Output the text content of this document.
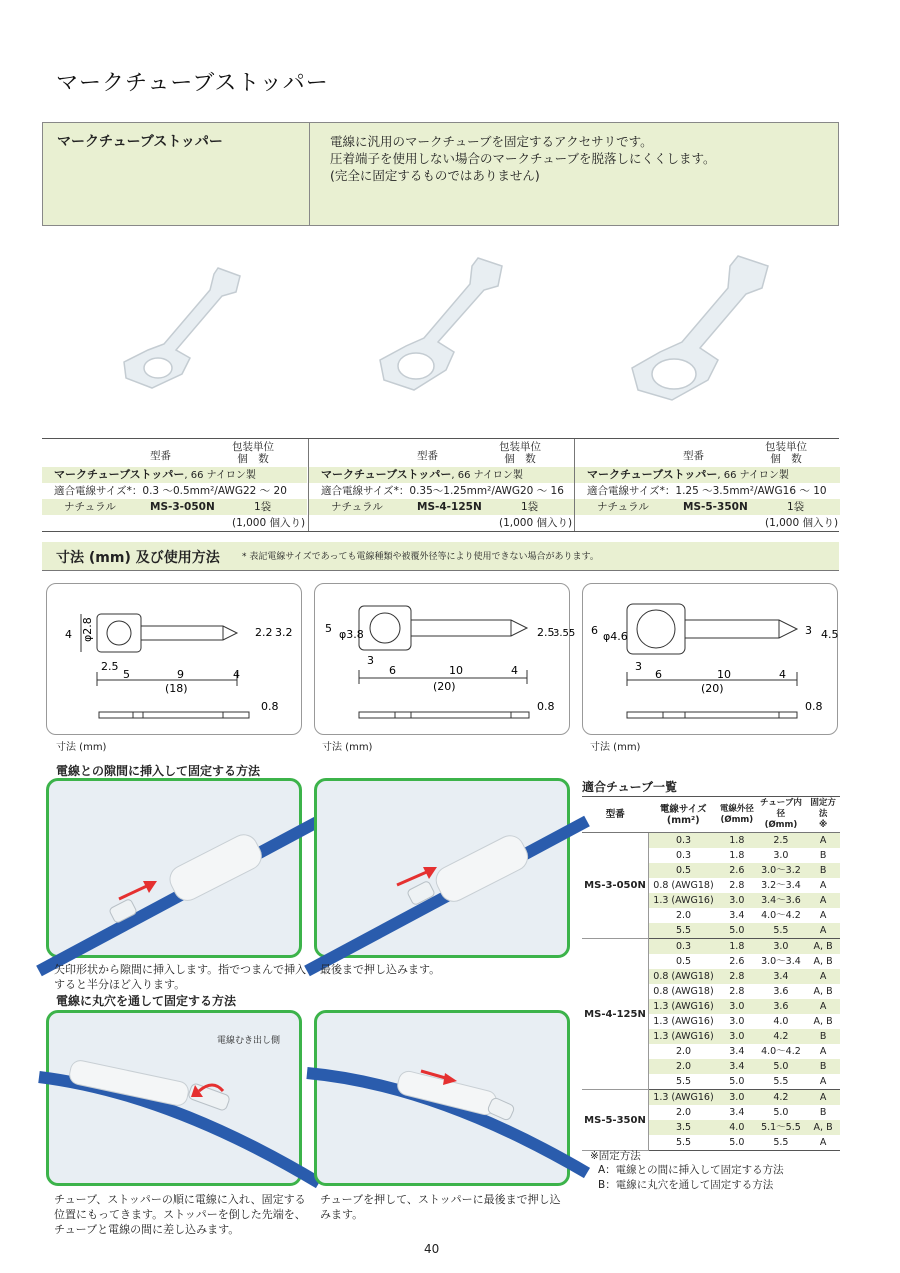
マークチューブストッパー
マークチューブストッパー	電線に汎用のマークチューブを固定するアクセサリです。
圧着端子を使用しない場合のマークチューブを脱落しにくくします。
(完全に固定するものではありません)
型番
包装単位
個　数
マークチューブストッパー, 66 ナイロン製
適合電線サイズ*：0.3 〜0.5mm²/AWG22 〜 20
ナチュラル	MS-3-050N	1袋
(1,000 個入り)
型番
包装単位
個　数
マークチューブストッパー, 66 ナイロン製
適合電線サイズ*：0.35〜1.25mm²/AWG20 〜 16
ナチュラル	MS-4-125N	1袋
(1,000 個入り)
型番
包装単位
個　数
マークチューブストッパー, 66 ナイロン製
適合電線サイズ*：1.25 〜3.5mm²/AWG16 〜 10
ナチュラル	MS-5-350N	1袋
(1,000 個入り)
寸法 (mm) 及び使用方法 * 表記電線サイズであっても電線種類や被覆外径等により使用できない場合があります。
4 φ2.8	2.2 3.2
2.5
5	9	4
(18)
0.8
5 φ3.8	2.5
3.55
3
6	10	4
(20)
0.8
6 φ4.6	3 4.5
3
6	10	4
(20)
0.8
寸法 (mm)	寸法 (mm)	寸法 (mm)
電線との隙間に挿入して固定する方法
矢印形状から隙間に挿入します。指でつまんで挿入
すると半分ほど入ります。
最後まで押し込みます。
電線に丸穴を通して固定する方法
電線むき出し側
チューブ、ストッパーの順に電線に入れ、固定する
位置にもってきます。ストッパーを倒した先端を、
チューブと電線の間に差し込みます。
チューブを押して、ストッパーに最後まで押し込
みます。
適合チューブ一覧
型番	電線サイズ
(mm²)	電線外径
(Ømm)	チューブ内径
(Ømm)	固定方法
※
MS-3-050N	0.3	1.8	2.5	A
	0.3	1.8	3.0	B
	0.5	2.6	3.0〜3.2	B
	0.8 (AWG18)	2.8	3.2〜3.4	A
	1.3 (AWG16)	3.0	3.4〜3.6	A
	2.0	3.4	4.0〜4.2	A
	5.5	5.0	5.5	A
MS-4-125N	0.3	1.8	3.0	A, B
	0.5	2.6	3.0〜3.4	A, B
	0.8 (AWG18)	2.8	3.4	A
	0.8 (AWG18)	2.8	3.6	A, B
	1.3 (AWG16)	3.0	3.6	A
	1.3 (AWG16)	3.0	4.0	A, B
	1.3 (AWG16)	3.0	4.2	B
	2.0	3.4	4.0〜4.2	A
	2.0	3.4	5.0	B
	5.5	5.0	5.5	A
MS-5-350N	1.3 (AWG16)	3.0	4.2	A
	2.0	3.4	5.0	B
	3.5	4.0	5.1〜5.5	A, B
	5.5	5.0	5.5	A
※固定方法
A：電線との間に挿入して固定する方法
B：電線に丸穴を通して固定する方法
40
